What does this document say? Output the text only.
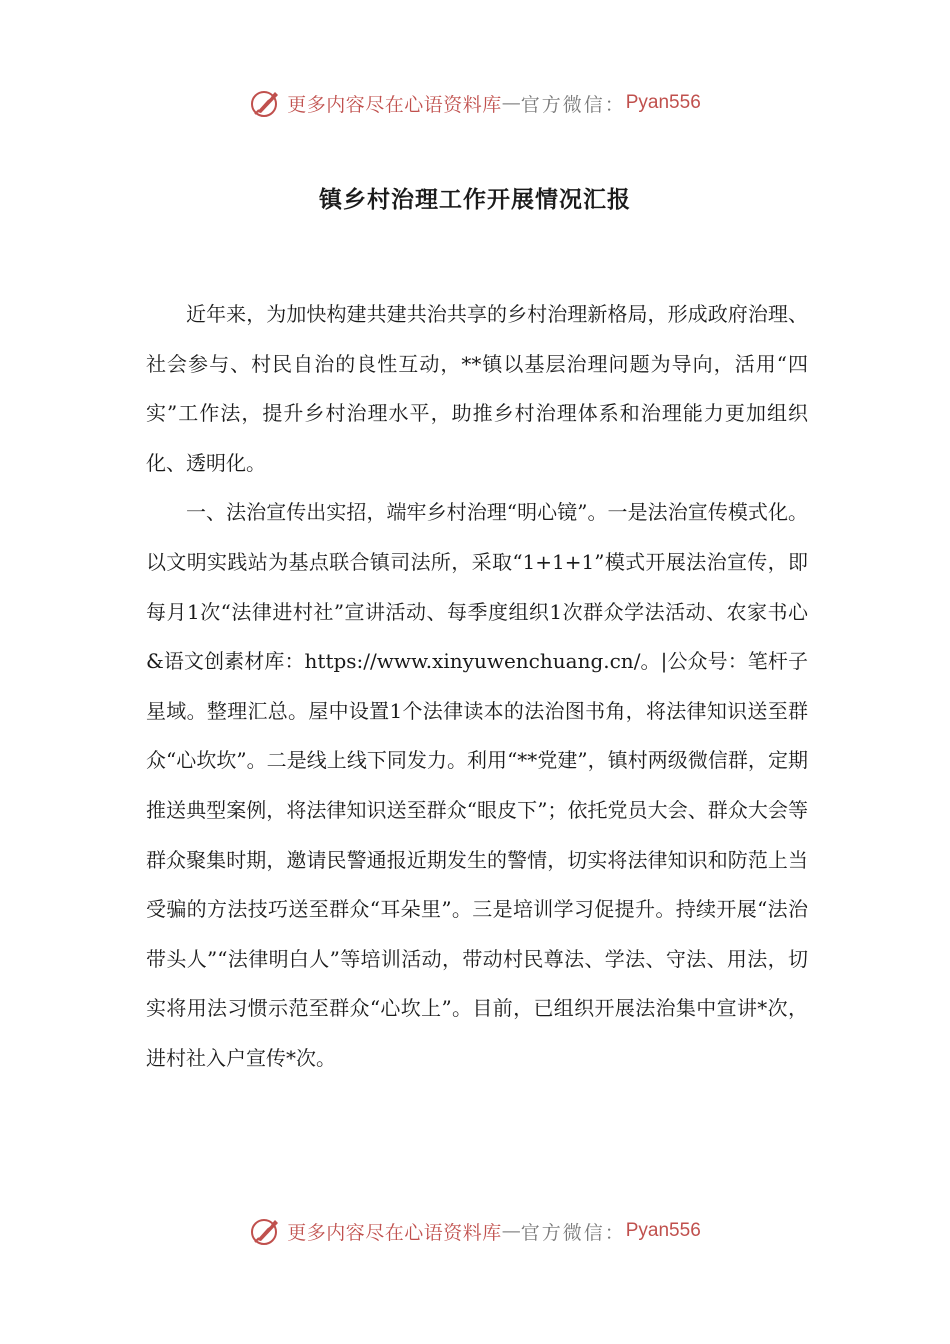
更多内容尽在心语资料库 — 官方微信： Pyan556
镇乡村治理工作开展情况汇报

近年来，为加快构建共建共治共享的乡村治理新格局，形成政府治理、社会参与、村民自治的良性互动，**镇以基层治理问题为导向，活用“四实”工作法，提升乡村治理水平，助推乡村治理体系和治理能力更加组织化、透明化。

一、法治宣传出实招，端牢乡村治理“明心镜”。一是法治宣传模式化。以文明实践站为基点联合镇司法所，采取“1+1+1”模式开展法治宣传，即每月1次“法律进村社”宣讲活动、每季度组织1次群众学法活动、农家书心&语文创素材库：https://www.xinyuwenchuang.cn/。|公众号：笔杆子星域。整理汇总。屋中设置1个法律读本的法治图书角，将法律知识送至群众“心坎坎”。二是线上线下同发力。利用“**党建”，镇村两级微信群，定期推送典型案例，将法律知识送至群众“眼皮下”；依托党员大会、群众大会等群众聚集时期，邀请民警通报近期发生的警情，切实将法律知识和防范上当受骗的方法技巧送至群众“耳朵里”。三是培训学习促提升。持续开展“法治带头人”“法律明白人”等培训活动，带动村民尊法、学法、守法、用法，切实将用法习惯示范至群众“心坎上”。目前，已组织开展法治集中宣讲*次，进村社入户宣传*次。

更多内容尽在心语资料库 — 官方微信： Pyan556
